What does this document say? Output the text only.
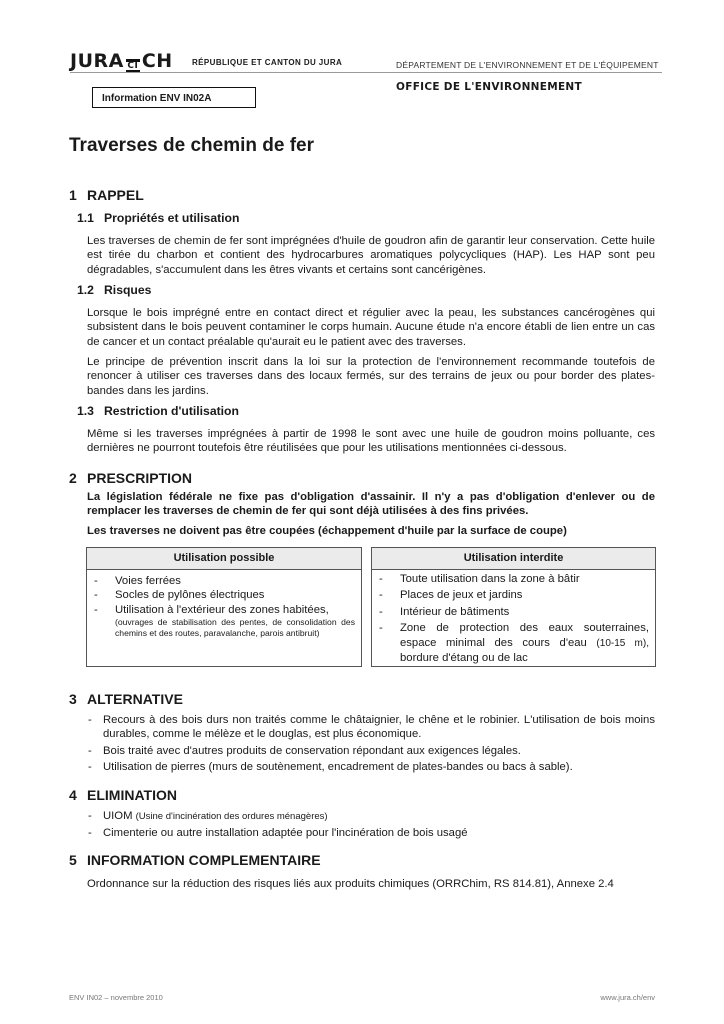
JURA CI CH RÉPUBLIQUE ET CANTON DU JURA	DÉPARTEMENT DE L'ENVIRONNEMENT ET DE L'ÉQUIPEMENT
OFFICE DE L'ENVIRONNEMENT
Information ENV IN02A
Traverses de chemin de fer
1 RAPPEL
1.1 Propriétés et utilisation

Les traverses de chemin de fer sont imprégnées d'huile de goudron afin de garantir leur conservation. Cette huile est tirée du charbon et contient des hydrocarbures aromatiques polycycliques (HAP). Les HAP sont peu dégradables, s'accumulent dans les êtres vivants et certains sont cancérigènes.

1.2 Risques

Lorsque le bois imprégné entre en contact direct et régulier avec la peau, les substances cancérogènes qui subsistent dans le bois peuvent contaminer le corps humain. Aucune étude n'a encore établi de lien entre un cas de cancer et un contact préalable qu'aurait eu le patient avec des traverses.

Le principe de prévention inscrit dans la loi sur la protection de l'environnement recommande toutefois de renoncer à utiliser ces traverses dans des locaux fermés, sur des terrains de jeux ou pour border des plates-bandes dans les jardins.

1.3 Restriction d'utilisation

Même si les traverses imprégnées à partir de 1998 le sont avec une huile de goudron moins polluante, ces dernières ne pourront toutefois être réutilisées que pour les utilisations mentionnées ci-dessous.

2 PRESCRIPTION

La législation fédérale ne fixe pas d'obligation d'assainir. Il n'y a pas d'obligation d'enlever ou de remplacer les traverses de chemin de fer qui sont déjà utilisées à des fins privées.

Les traverses ne doivent pas être coupées (échappement d'huile par la surface de coupe)

Utilisation possible
- Voies ferrées
- Socles de pylônes électriques
- Utilisation à l'extérieur des zones habitées,
(ouvrages de stabilisation des pentes, de consolidation des chemins et des routes, paravalanche, parois antibruit)
Utilisation interdite
- Toute utilisation dans la zone à bâtir
- Places de jeux et jardins
- Intérieur de bâtiments
- Zone de protection des eaux souterraines, espace minimal des cours d'eau (10-15 m), bordure d'étang ou de lac
3 ALTERNATIVE
- Recours à des bois durs non traités comme le châtaignier, le chêne et le robinier. L'utilisation de bois moins durables, comme le mélèze et le douglas, est plus économique.
- Bois traité avec d'autres produits de conservation répondant aux exigences légales.
- Utilisation de pierres (murs de soutènement, encadrement de plates-bandes ou bacs à sable).
4 ELIMINATION
- UIOM (Usine d'incinération des ordures ménagères)
- Cimenterie ou autre installation adaptée pour l'incinération de bois usagé
5 INFORMATION COMPLEMENTAIRE

Ordonnance sur la réduction des risques liés aux produits chimiques (ORRChim, RS 814.81), Annexe 2.4

ENV IN02 – novembre 2010	www.jura.ch/env
